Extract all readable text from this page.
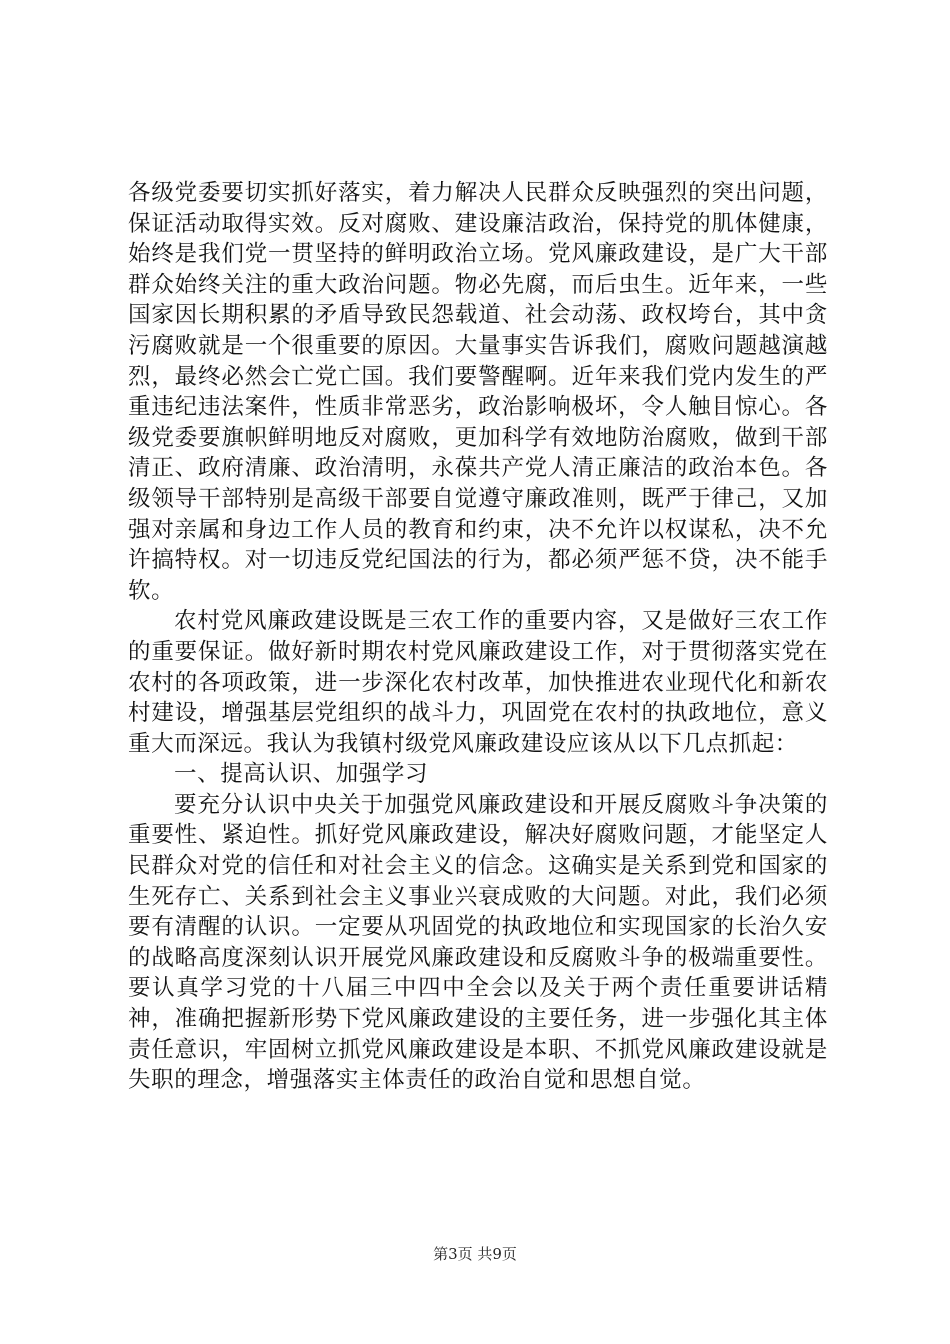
各级党委要切实抓好落实，着力解决人民群众反映强烈的突出问题，保证活动取得实效。反对腐败、建设廉洁政治，保持党的肌体健康，始终是我们党一贯坚持的鲜明政治立场。党风廉政建设，是广大干部群众始终关注的重大政治问题。物必先腐，而后虫生。近年来，一些国家因长期积累的矛盾导致民怨载道、社会动荡、政权垮台，其中贪污腐败就是一个很重要的原因。大量事实告诉我们，腐败问题越演越烈，最终必然会亡党亡国。我们要警醒啊。近年来我们党内发生的严重违纪违法案件，性质非常恶劣，政治影响极坏，令人触目惊心。各级党委要旗帜鲜明地反对腐败，更加科学有效地防治腐败，做到干部清正、政府清廉、政治清明，永葆共产党人清正廉洁的政治本色。各级领导干部特别是高级干部要自觉遵守廉政准则，既严于律己，又加强对亲属和身边工作人员的教育和约束，决不允许以权谋私，决不允许搞特权。对一切违反党纪国法的行为，都必须严惩不贷，决不能手软。

农村党风廉政建设既是三农工作的重要内容，又是做好三农工作的重要保证。做好新时期农村党风廉政建设工作，对于贯彻落实党在农村的各项政策，进一步深化农村改革，加快推进农业现代化和新农村建设，增强基层党组织的战斗力，巩固党在农村的执政地位，意义重大而深远。我认为我镇村级党风廉政建设应该从以下几点抓起：

一、提高认识、加强学习

要充分认识中央关于加强党风廉政建设和开展反腐败斗争决策的重要性、紧迫性。抓好党风廉政建设，解决好腐败问题，才能坚定人民群众对党的信任和对社会主义的信念。这确实是关系到党和国家的生死存亡、关系到社会主义事业兴衰成败的大问题。对此，我们必须要有清醒的认识。一定要从巩固党的执政地位和实现国家的长治久安的战略高度深刻认识开展党风廉政建设和反腐败斗争的极端重要性。要认真学习党的十八届三中四中全会以及关于两个责任重要讲话精神，准确把握新形势下党风廉政建设的主要任务，进一步强化其主体责任意识，牢固树立抓党风廉政建设是本职、不抓党风廉政建设就是失职的理念，增强落实主体责任的政治自觉和思想自觉。

第3页 共9页
